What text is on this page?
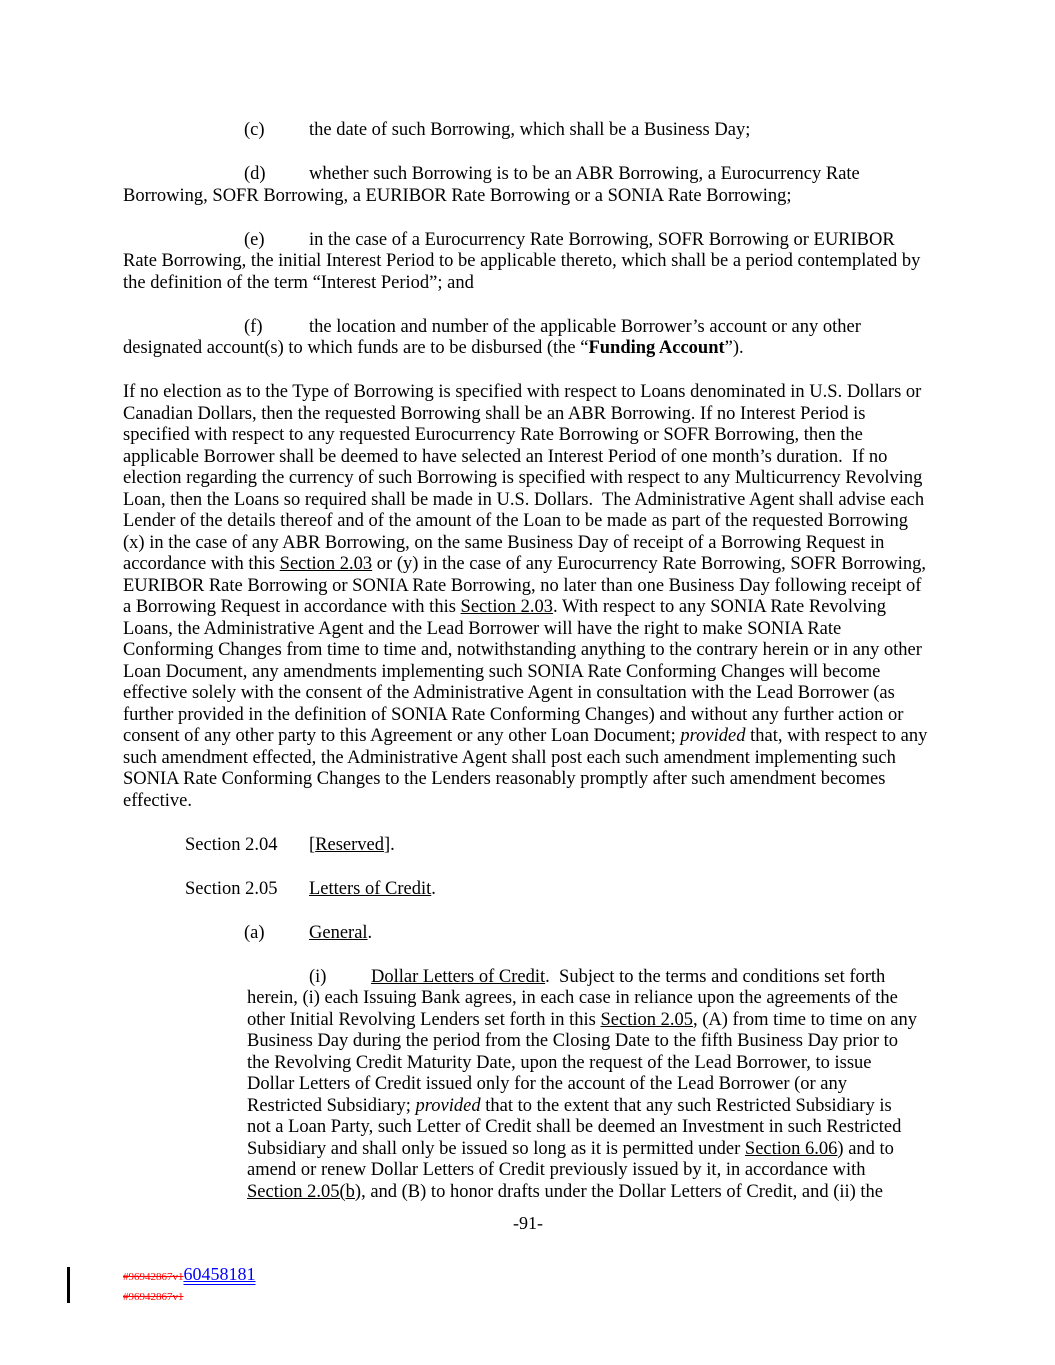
(c)	the date of such Borrowing, which shall be a Business Day;

(d)	whether such Borrowing is to be an ABR Borrowing, a Eurocurrency Rate Borrowing, SOFR Borrowing, a EURIBOR Rate Borrowing or a SONIA Rate Borrowing;

(e)	in the case of a Eurocurrency Rate Borrowing, SOFR Borrowing or EURIBOR Rate Borrowing, the initial Interest Period to be applicable thereto, which shall be a period contemplated by the definition of the term “Interest Period”; and

(f)	the location and number of the applicable Borrower’s account or any other designated account(s) to which funds are to be disbursed (the “Funding Account”).

If no election as to the Type of Borrowing is specified with respect to Loans denominated in U.S. Dollars or Canadian Dollars, then the requested Borrowing shall be an ABR Borrowing. If no Interest Period is specified with respect to any requested Eurocurrency Rate Borrowing or SOFR Borrowing, then the applicable Borrower shall be deemed to have selected an Interest Period of one month’s duration.  If no election regarding the currency of such Borrowing is specified with respect to any Multicurrency Revolving Loan, then the Loans so required shall be made in U.S. Dollars.  The Administrative Agent shall advise each Lender of the details thereof and of the amount of the Loan to be made as part of the requested Borrowing (x) in the case of any ABR Borrowing, on the same Business Day of receipt of a Borrowing Request in accordance with this Section 2.03 or (y) in the case of any Eurocurrency Rate Borrowing, SOFR Borrowing, EURIBOR Rate Borrowing or SONIA Rate Borrowing, no later than one Business Day following receipt of a Borrowing Request in accordance with this Section 2.03. With respect to any SONIA Rate Revolving Loans, the Administrative Agent and the Lead Borrower will have the right to make SONIA Rate Conforming Changes from time to time and, notwithstanding anything to the contrary herein or in any other Loan Document, any amendments implementing such SONIA Rate Conforming Changes will become effective solely with the consent of the Administrative Agent in consultation with the Lead Borrower (as further provided in the definition of SONIA Rate Conforming Changes) and without any further action or consent of any other party to this Agreement or any other Loan Document; provided that, with respect to any such amendment effected, the Administrative Agent shall post each such amendment implementing such SONIA Rate Conforming Changes to the Lenders reasonably promptly after such amendment becomes effective.

Section 2.04	[Reserved].

Section 2.05	Letters of Credit.

(a)	General.

(i)	Dollar Letters of Credit.  Subject to the terms and conditions set forth herein, (i) each Issuing Bank agrees, in each case in reliance upon the agreements of the other Initial Revolving Lenders set forth in this Section 2.05, (A) from time to time on any Business Day during the period from the Closing Date to the fifth Business Day prior to the Revolving Credit Maturity Date, upon the request of the Lead Borrower, to issue Dollar Letters of Credit issued only for the account of the Lead Borrower (or any Restricted Subsidiary; provided that to the extent that any such Restricted Subsidiary is not a Loan Party, such Letter of Credit shall be deemed an Investment in such Restricted Subsidiary and shall only be issued so long as it is permitted under Section 6.06) and to amend or renew Dollar Letters of Credit previously issued by it, in accordance with Section 2.05(b), and (B) to honor drafts under the Dollar Letters of Credit, and (ii) the

-91-
#96942867v160458181
#96942867v1
